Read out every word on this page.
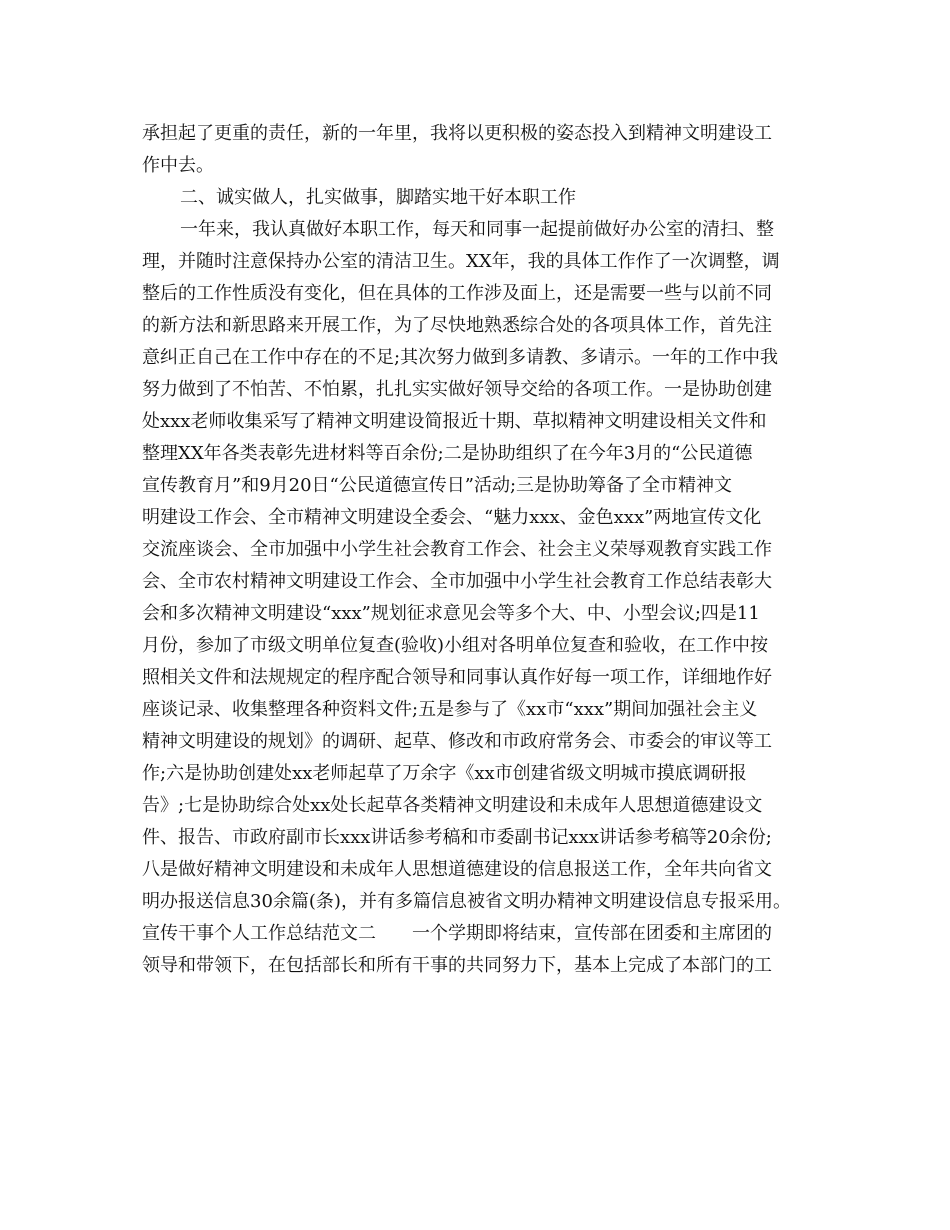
承担起了更重的责任，新的一年里，我将以更积极的姿态投入到精神文明建设工
作中去。
二、诚实做人，扎实做事，脚踏实地干好本职工作
一年来，我认真做好本职工作，每天和同事一起提前做好办公室的清扫、整
理，并随时注意保持办公室的清洁卫生。XX年，我的具体工作作了一次调整，调
整后的工作性质没有变化，但在具体的工作涉及面上，还是需要一些与以前不同
的新方法和新思路来开展工作，为了尽快地熟悉综合处的各项具体工作，首先注
意纠正自己在工作中存在的不足;其次努力做到多请教、多请示。一年的工作中我
努力做到了不怕苦、不怕累，扎扎实实做好领导交给的各项工作。一是协助创建
处xxx老师收集采写了精神文明建设简报近十期、草拟精神文明建设相关文件和
整理XX年各类表彰先进材料等百余份;二是协助组织了在今年3月的“公民道德
宣传教育月”和9月20日“公民道德宣传日”活动;三是协助筹备了全市精神文
明建设工作会、全市精神文明建设全委会、“魅力xxx、金色xxx”两地宣传文化
交流座谈会、全市加强中小学生社会教育工作会、社会主义荣辱观教育实践工作
会、全市农村精神文明建设工作会、全市加强中小学生社会教育工作总结表彰大
会和多次精神文明建设“xxx”规划征求意见会等多个大、中、小型会议;四是11
月份，参加了市级文明单位复查(验收)小组对各明单位复查和验收，在工作中按
照相关文件和法规规定的程序配合领导和同事认真作好每一项工作，详细地作好
座谈记录、收集整理各种资料文件;五是参与了《xx市“xxx”期间加强社会主义
精神文明建设的规划》的调研、起草、修改和市政府常务会、市委会的审议等工
作;六是协助创建处xx老师起草了万余字《xx市创建省级文明城市摸底调研报
告》;七是协助综合处xx处长起草各类精神文明建设和未成年人思想道德建设文
件、报告、市政府副市长xxx讲话参考稿和市委副书记xxx讲话参考稿等20余份;
八是做好精神文明建设和未成年人思想道德建设的信息报送工作，全年共向省文
明办报送信息30余篇(条)，并有多篇信息被省文明办精神文明建设信息专报采用。
宣传干事个人工作总结范文二　　一个学期即将结束，宣传部在团委和主席团的
领导和带领下，在包括部长和所有干事的共同努力下，基本上完成了本部门的工
